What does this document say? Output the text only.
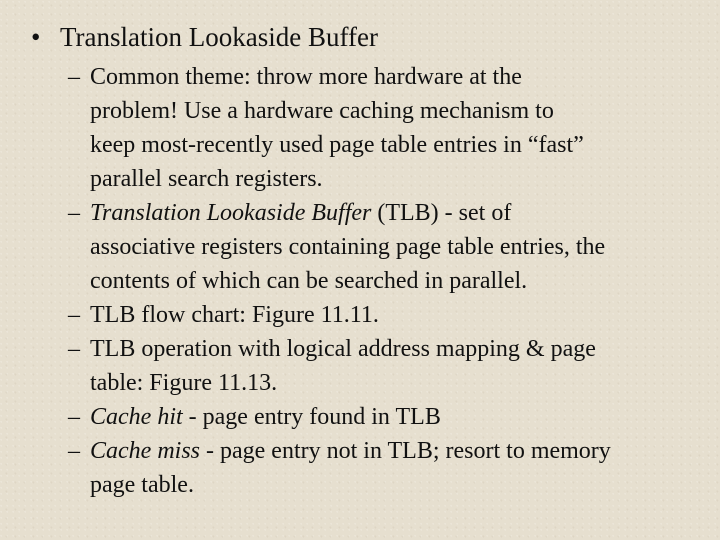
• Translation Lookaside Buffer
– Common theme: throw more hardware at the
problem! Use a hardware caching mechanism to
keep most-recently used page table entries in “fast”
parallel search registers.
– Translation Lookaside Buffer (TLB) - set of
associative registers containing page table entries, the
contents of which can be searched in parallel.
– TLB flow chart: Figure 11.11.
– TLB operation with logical address mapping & page
table: Figure 11.13.
– Cache hit - page entry found in TLB
– Cache miss - page entry not in TLB; resort to memory
page table.
